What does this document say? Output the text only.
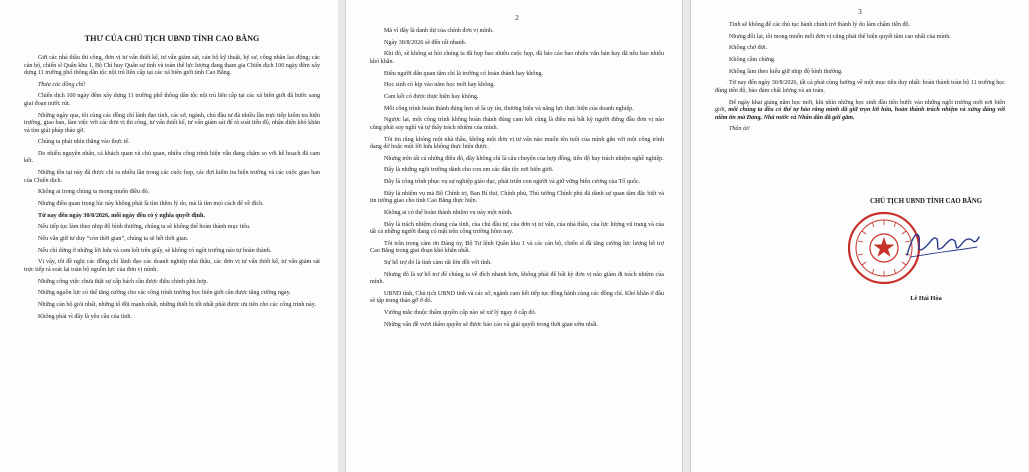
THƯ CỦA CHỦ TỊCH UBND TỈNH CAO BẰNG

Gửi các nhà thầu thi công, đơn vị tư vấn thiết kế, tư vấn giám sát, cán bộ kỹ thuật, kỹ sư, công nhân lao động; các cán bộ, chiến sĩ Quân khu 1, Bộ Chỉ huy Quân sự tỉnh và toàn thể lực lượng đang tham gia Chiến dịch 100 ngày đêm xây dựng 11 trường phổ thông dân tộc nội trú liên cấp tại các xã biên giới tỉnh Cao Bằng.

Thưa các đồng chí!

Chiến dịch 100 ngày đêm xây dựng 11 trường phổ thông dân tộc nội trú liên cấp tại các xã biên giới đã bước sang giai đoạn nước rút.

Những ngày qua, tôi cùng các đồng chí lãnh đạo tỉnh, các sở, ngành, chủ đầu tư đã nhiều lần trực tiếp kiểm tra hiện trường, giao ban, làm việc với các đơn vị thi công, tư vấn thiết kế, tư vấn giám sát để rà soát tiến độ, nhận diện khó khăn và tìm giải pháp tháo gỡ.

Chúng ta phải nhìn thẳng vào thực tế.

Do nhiều nguyên nhân, cả khách quan và chủ quan, nhiều công trình hiện vẫn đang chậm so với kế hoạch đã cam kết.

Những tồn tại này đã được chỉ ra nhiều lần trong các cuộc họp, các đợt kiểm tra hiện trường và các cuộc giao ban của Chiến dịch.

Không ai trong chúng ta mong muốn điều đó.

Nhưng điều quan trọng lúc này không phải là tìm thêm lý do, mà là tìm mọi cách để về đích.

Từ nay đến ngày 30/8/2026, mỗi ngày đều có ý nghĩa quyết định.

Nếu tiếp tục làm theo nhịp độ bình thường, chúng ta sẽ không thể hoàn thành mục tiêu.

Nếu vẫn giữ tư duy “còn thời gian”, chúng ta sẽ hết thời gian.

Nếu chỉ dừng ở những lời hứa và cam kết trên giấy, sẽ không có ngôi trường nào tự hoàn thành.

Vì vậy, tôi đề nghị các đồng chí lãnh đạo các doanh nghiệp nhà thầu, các đơn vị tư vấn thiết kế, tư vấn giám sát trực tiếp rà soát lại toàn bộ nguồn lực của đơn vị mình.

Những công việc chưa thật sự cấp bách cần được điều chỉnh phù hợp.

Những nguồn lực có thể tăng cường cho các công trình trường học biên giới cần được tăng cường ngay.

Những cán bộ giỏi nhất, những tổ đội mạnh nhất, những thiết bị tốt nhất phải được ưu tiên cho các công trình này.

Không phải vì đây là yêu cầu của tỉnh.

2

Mà vì đây là danh dự của chính đơn vị mình.

Ngày 30/8/2026 sẽ đến rất nhanh.

Khi đó, sẽ không ai hỏi chúng ta đã họp bao nhiêu cuộc họp, đã báo cáo bao nhiêu văn bản hay đã nêu bao nhiêu khó khăn.

Điều người dân quan tâm chỉ là trường có hoàn thành hay không.

Học sinh có kịp vào năm học mới hay không.

Cam kết có được thực hiện hay không.

Mỗi công trình hoàn thành đúng hẹn sẽ là uy tín, thương hiệu và năng lực thực hiện của doanh nghiệp.

Ngược lại, một công trình không hoàn thành đúng cam kết cũng là điều mà bất kỳ người đứng đầu đơn vị nào cũng phải suy nghĩ và tự thấy trách nhiệm của mình.

Tôi tin rằng không một nhà thầu, không một đơn vị tư vấn nào muốn tên tuổi của mình gắn với một công trình dang dở hoặc một lời hứa không thực hiện được.

Nhưng trên tất cả những điều đó, đây không chỉ là câu chuyện của hợp đồng, tiến độ hay trách nhiệm nghề nghiệp.

Đây là những ngôi trường dành cho con em các dân tộc nơi biên giới.

Đây là công trình phục vụ sự nghiệp giáo dục, phát triển con người và giữ vững biên cương của Tổ quốc.

Đây là nhiệm vụ mà Bộ Chính trị, Ban Bí thư, Chính phủ, Thủ tướng Chính phủ đã dành sự quan tâm đặc biệt và tin tưởng giao cho tỉnh Cao Bằng thực hiện.

Không ai có thể hoàn thành nhiệm vụ này một mình.

Đây là trách nhiệm chung của tỉnh, của chủ đầu tư, của đơn vị tư vấn, của nhà thầu, của lực lượng vũ trang và của tất cả những người đang có mặt trên công trường hôm nay.

Tôi trân trọng cảm ơn Đảng ủy, Bộ Tư lệnh Quân khu 1 và các cán bộ, chiến sĩ đã tăng cường lực lượng hỗ trợ Cao Bằng trong giai đoạn khó khăn nhất.

Sự hỗ trợ đó là tình cảm rất lớn đối với tỉnh.

Nhưng đó là sự hỗ trợ để chúng ta về đích nhanh hơn, không phải để bất kỳ đơn vị nào giảm đi trách nhiệm của mình.

UBND tỉnh, Chủ tịch UBND tỉnh và các sở, ngành cam kết tiếp tục đồng hành cùng các đồng chí. Khó khăn ở đâu sẽ tập trung tháo gỡ ở đó.

Vướng mắc thuộc thẩm quyền cấp nào sẽ xử lý ngay ở cấp đó.

Những vấn đề vượt thẩm quyền sẽ được báo cáo và giải quyết trong thời gian sớm nhất.

3

Tỉnh sẽ không để các thủ tục hành chính trở thành lý do làm chậm tiến độ.

Nhưng đổi lại, tôi mong muốn mỗi đơn vị cũng phải thể hiện quyết tâm cao nhất của mình.

Không chờ đợi.

Không cầm chừng.

Không làm theo kiểu giữ nhịp độ bình thường.

Từ nay đến ngày 30/8/2026, tất cả phải cùng hướng về một mục tiêu duy nhất: hoàn thành toàn bộ 11 trường học đúng tiến độ, bảo đảm chất lượng và an toàn.

Để ngày khai giảng năm học mới, khi nhìn những học sinh đầu tiên bước vào những ngôi trường mới nơi biên giới, mỗi chúng ta đều có thể tự hào rằng mình đã giữ trọn lời hứa, hoàn thành trách nhiệm và xứng đáng với niềm tin mà Đảng, Nhà nước và Nhân dân đã gửi gắm.

Thân ái!

CHỦ TỊCH UBND TỈNH CAO BẰNG
Lê Hải Hòa
